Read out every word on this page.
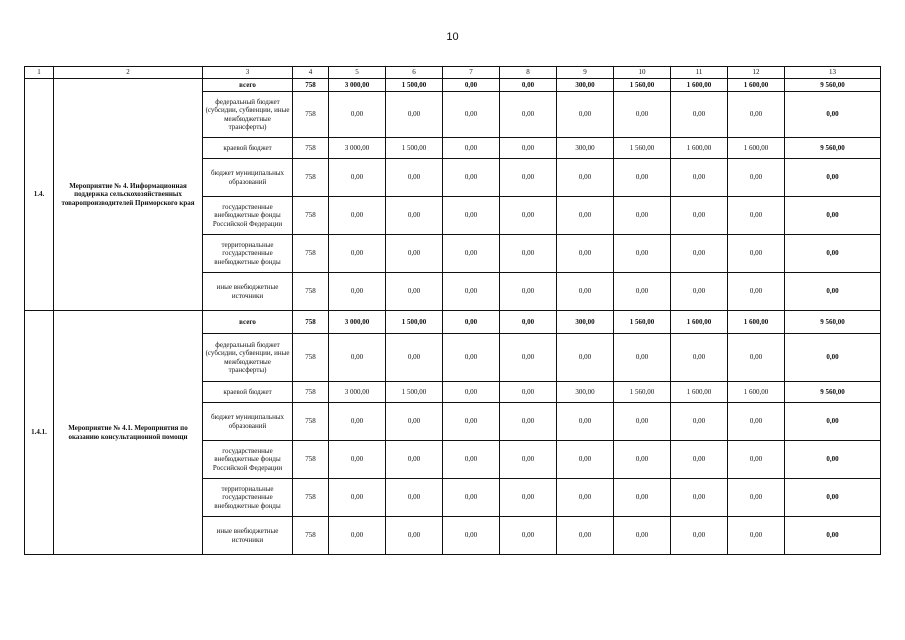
10
1	2	3	4	5	6	7	8	9	10	11	12	13
1.4.	Мероприятие № 4. Информационная поддержка сельскохозяйственных товаропроизводителей Приморского края	всего	758	3 000,00	1 500,00	0,00	0,00	300,00	1 560,00	1 600,00	1 600,00	9 560,00
		федеральный бюджет (субсидии, субвенции, иные межбюджетные трансферты)	758	0,00	0,00	0,00	0,00	0,00	0,00	0,00	0,00	0,00
		краевой бюджет	758	3 000,00	1 500,00	0,00	0,00	300,00	1 560,00	1 600,00	1 600,00	9 560,00
		бюджет муниципальных образований	758	0,00	0,00	0,00	0,00	0,00	0,00	0,00	0,00	0,00
		государственные внебюджетные фонды Российской Федерации	758	0,00	0,00	0,00	0,00	0,00	0,00	0,00	0,00	0,00
		территориальные государственные внебюджетные фонды	758	0,00	0,00	0,00	0,00	0,00	0,00	0,00	0,00	0,00
		иные внебюджетные источники	758	0,00	0,00	0,00	0,00	0,00	0,00	0,00	0,00	0,00
1.4.1.	Мероприятие № 4.1. Мероприятия по оказанию консультационной помощи	всего	758	3 000,00	1 500,00	0,00	0,00	300,00	1 560,00	1 600,00	1 600,00	9 560,00
		федеральный бюджет (субсидии, субвенции, иные межбюджетные трансферты)	758	0,00	0,00	0,00	0,00	0,00	0,00	0,00	0,00	0,00
		краевой бюджет	758	3 000,00	1 500,00	0,00	0,00	300,00	1 560,00	1 600,00	1 600,00	9 560,00
		бюджет муниципальных образований	758	0,00	0,00	0,00	0,00	0,00	0,00	0,00	0,00	0,00
		государственные внебюджетные фонды Российской Федерации	758	0,00	0,00	0,00	0,00	0,00	0,00	0,00	0,00	0,00
		территориальные государственные внебюджетные фонды	758	0,00	0,00	0,00	0,00	0,00	0,00	0,00	0,00	0,00
		иные внебюджетные источники	758	0,00	0,00	0,00	0,00	0,00	0,00	0,00	0,00	0,00
